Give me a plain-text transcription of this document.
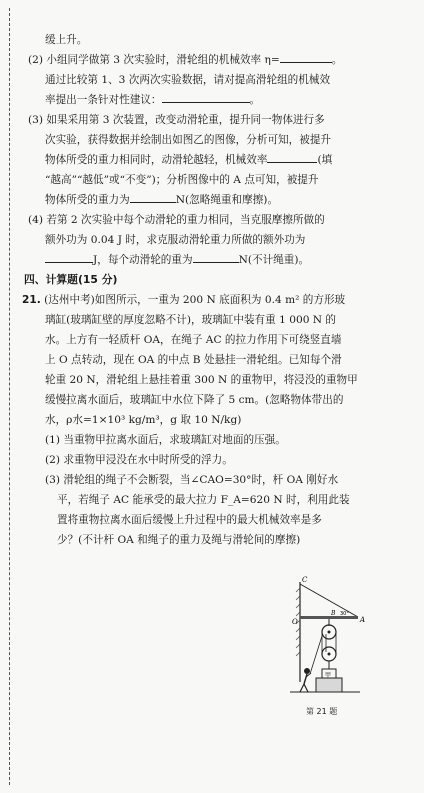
缓上升。
(2) 小组同学做第 3 次实验时，滑轮组的机械效率 η=	。
通过比较第 1、3 次两次实验数据，请对提高滑轮组的机械效
率提出一条针对性建议：	。
(3) 如果采用第 3 次装置，改变动滑轮重，提升同一物体进行多
次实验，获得数据并绘制出如图乙的图像，分析可知，被提升
物体所受的重力相同时，动滑轮越轻，机械效率	(填
“越高”“越低”或“不变”)；分析图像中的 A 点可知，被提升
物体所受的重力为	N(忽略绳重和摩擦)。
(4) 若第 2 次实验中每个动滑轮的重力相同，当克服摩擦所做的
额外功为 0.04 J 时，求克服动滑轮重力所做的额外功为
J，每个动滑轮的重为	N(不计绳重)。
四、计算题(15 分)
21. (达州中考)如图所示，一重为 200 N 底面积为 0.4 m² 的方形玻
璃缸(玻璃缸壁的厚度忽略不计)，玻璃缸中装有重 1 000 N 的
水。上方有一轻质杆 OA，在绳子 AC 的拉力作用下可绕竖直墙
上 O 点转动，现在 OA 的中点 B 处悬挂一滑轮组。已知每个滑
轮重 20 N，滑轮组上悬挂着重 300 N 的重物甲，将浸没的重物甲
缓慢拉离水面后，玻璃缸中水位下降了 5 cm。(忽略物体带出的
水，ρ水=1×10³ kg/m³，g 取 10 N/kg)
(1) 当重物甲拉离水面后，求玻璃缸对地面的压强。
(2) 求重物甲浸没在水中时所受的浮力。
(3) 滑轮组的绳子不会断裂，当∠CAO=30°时，杆 OA 刚好水
平，若绳子 AC 能承受的最大拉力 F_A=620 N 时，利用此装
置将重物拉离水面后缓慢上升过程中的最大机械效率是多
少？(不计杆 OA 和绳子的重力及绳与滑轮间的摩擦)
C
O
B
A
30°
甲
第 21 题
